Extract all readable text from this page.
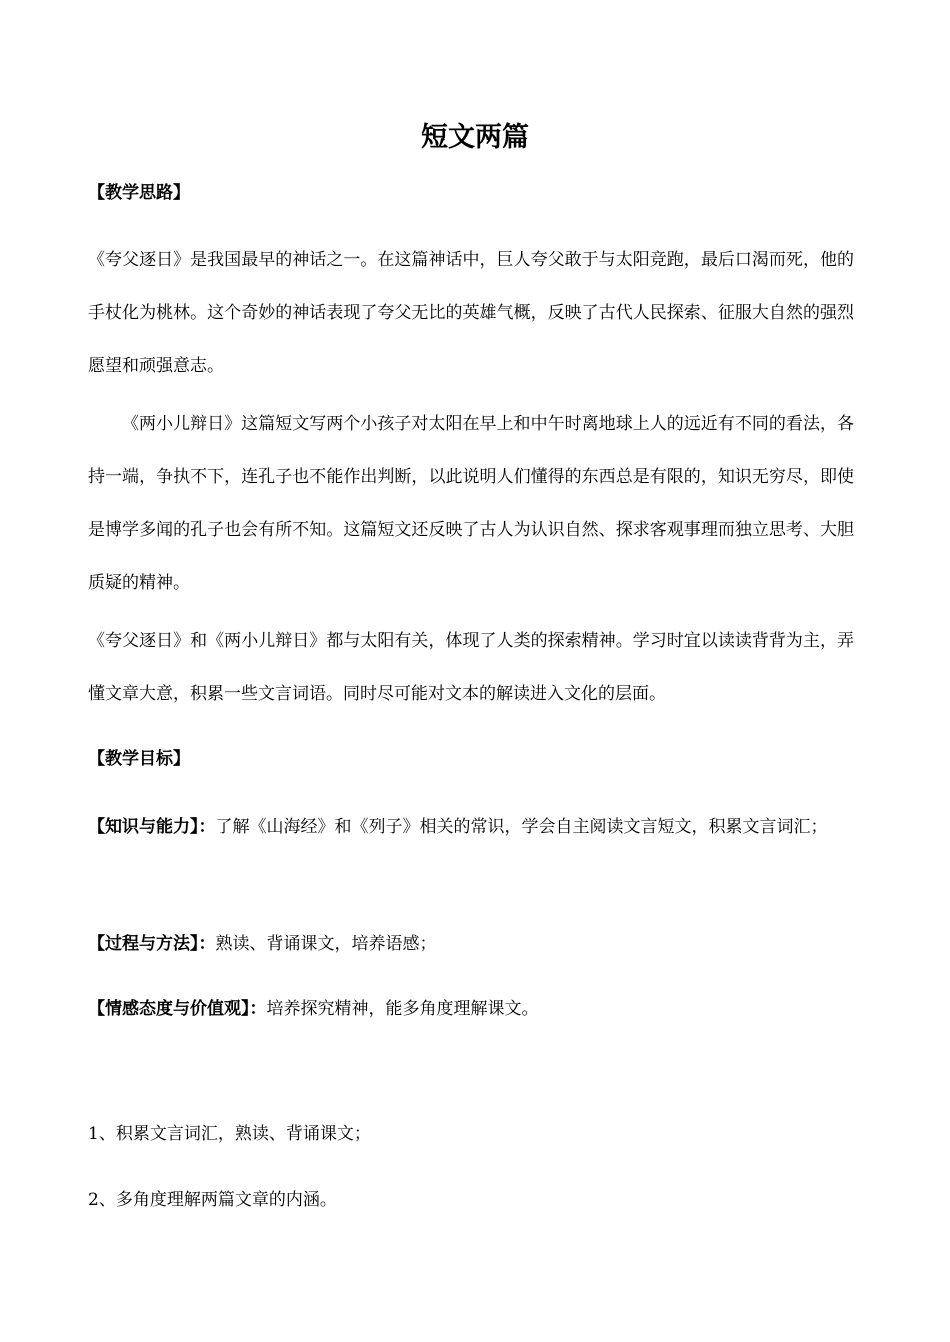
短文两篇
【教学思路】
《夸父逐日》是我国最早的神话之一。在这篇神话中，巨人夸父敢于与太阳竞跑，最后口渴而死，他的手杖化为桃林。这个奇妙的神话表现了夸父无比的英雄气概，反映了古代人民探索、征服大自然的强烈愿望和顽强意志。
《两小儿辩日》这篇短文写两个小孩子对太阳在早上和中午时离地球上人的远近有不同的看法，各持一端，争执不下，连孔子也不能作出判断，以此说明人们懂得的东西总是有限的，知识无穷尽，即使是博学多闻的孔子也会有所不知。这篇短文还反映了古人为认识自然、探求客观事理而独立思考、大胆质疑的精神。
《夸父逐日》和《两小儿辩日》都与太阳有关，体现了人类的探索精神。学习时宜以读读背背为主，弄懂文章大意，积累一些文言词语。同时尽可能对文本的解读进入文化的层面。
【教学目标】
【知识与能力】：了解《山海经》和《列子》相关的常识，学会自主阅读文言短文，积累文言词汇；
【过程与方法】：熟读、背诵课文，培养语感；
【情感态度与价值观】：培养探究精神，能多角度理解课文。
1、积累文言词汇，熟读、背诵课文；
2、多角度理解两篇文章的内涵。
